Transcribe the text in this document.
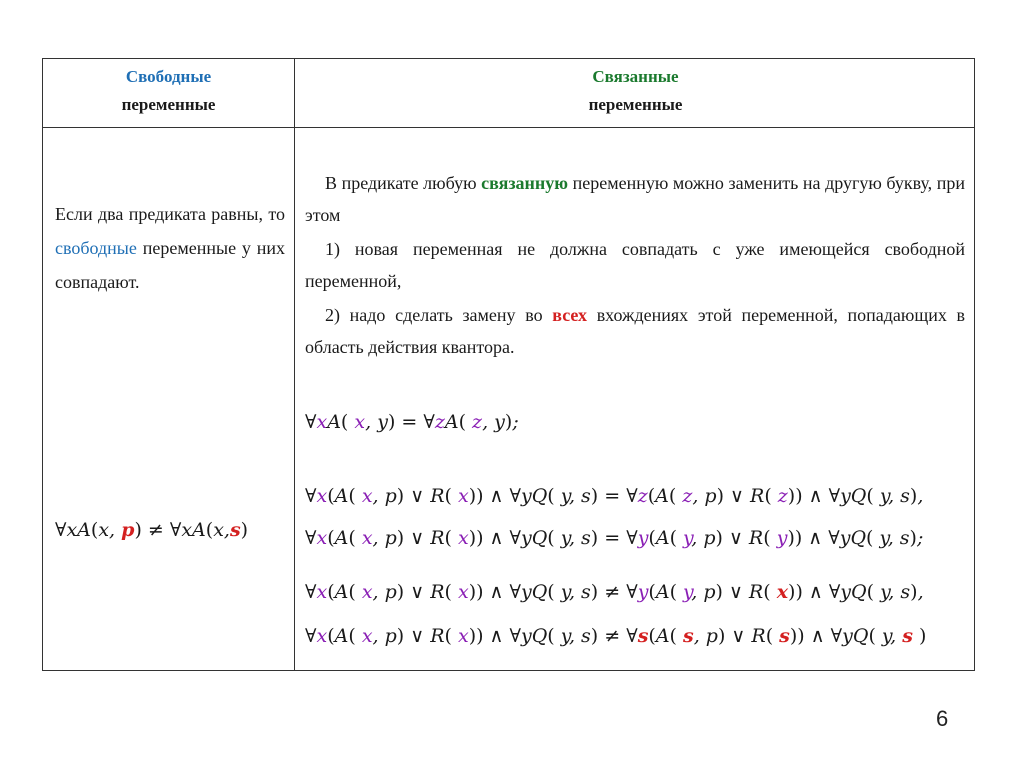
Свободные
переменные
Связанные
переменные
Если два предиката равны, то свободные переменные у них совпадают.
∀xA(x, p) ≠ ∀xA(x,s)

В предикате любую связанную переменную можно заменить на другую букву, при этом

1) новая переменная не должна совпадать с уже имеющейся свободной переменной,

2) надо сделать замену во всех вхождениях этой переменной, попадающих в область действия квантора.

∀xA( x, y) = ∀zA( z, y);
∀x(A( x, p) ∨ R( x)) ∧ ∀yQ( y, s) = ∀z(A( z, p) ∨ R( z)) ∧ ∀yQ( y, s),
∀x(A( x, p) ∨ R( x)) ∧ ∀yQ( y, s) = ∀y(A( y, p) ∨ R( y)) ∧ ∀yQ( y, s);
∀x(A( x, p) ∨ R( x)) ∧ ∀yQ( y, s) ≠ ∀y(A( y, p) ∨ R( x)) ∧ ∀yQ( y, s),
∀x(A( x, p) ∨ R( x)) ∧ ∀yQ( y, s) ≠ ∀s(A( s, p) ∨ R( s)) ∧ ∀yQ( y, s )
6
